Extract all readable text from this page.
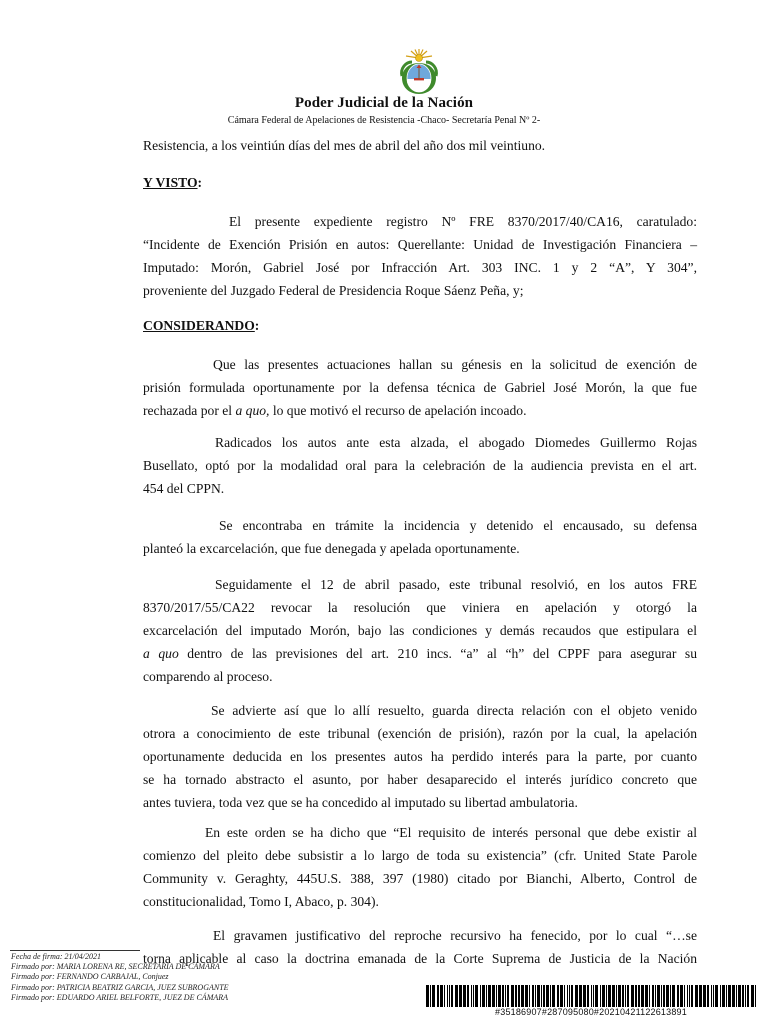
Poder Judicial de la Nación
Cámara Federal de Apelaciones de Resistencia -Chaco- Secretaría Penal Nº 2-
Resistencia, a los veintiún días del mes de abril del año dos mil veintiuno.
Y VISTO:
El presente expediente registro Nº FRE 8370/2017/40/CA16, caratulado:
“Incidente de Exención Prisión en autos: Querellante: Unidad de Investigación Financiera –
Imputado: Morón, Gabriel José por Infracción Art. 303 INC. 1 y 2 “A”, Y 304”,
proveniente del Juzgado Federal de Presidencia Roque Sáenz Peña, y;
CONSIDERANDO:
Que las presentes actuaciones hallan su génesis en la solicitud de exención de
prisión formulada oportunamente por la defensa técnica de Gabriel José Morón, la que fue
rechazada por el a quo, lo que motivó el recurso de apelación incoado.
Radicados los autos ante esta alzada, el abogado Diomedes Guillermo Rojas
Busellato, optó por la modalidad oral para la celebración de la audiencia prevista en el art.
454 del CPPN.
Se encontraba en trámite la incidencia y detenido el encausado, su defensa
planteó la excarcelación, que fue denegada y apelada oportunamente.
Seguidamente el 12 de abril pasado, este tribunal resolvió, en los autos FRE
8370/2017/55/CA22 revocar la resolución que viniera en apelación y otorgó la
excarcelación del imputado Morón, bajo las condiciones y demás recaudos que estipulara el
a quo dentro de las previsiones del art. 210 incs. “a” al “h” del CPPF para asegurar su
comparendo al proceso.
Se advierte así que lo allí resuelto, guarda directa relación con el objeto venido
otrora a conocimiento de este tribunal (exención de prisión), razón por la cual, la apelación
oportunamente deducida en los presentes autos ha perdido interés para la parte, por cuanto
se ha tornado abstracto el asunto, por haber desaparecido el interés jurídico concreto que
antes tuviera, toda vez que se ha concedido al imputado su libertad ambulatoria.
En este orden se ha dicho que “El requisito de interés personal que debe existir al
comienzo del pleito debe subsistir a lo largo de toda su existencia” (cfr. United State Parole
Community v. Geraghty, 445U.S. 388, 397 (1980) citado por Bianchi, Alberto, Control de
constitucionalidad, Tomo I, Abaco, p. 304).
El gravamen justificativo del reproche recursivo ha fenecido, por lo cual “…se
torna aplicable al caso la doctrina emanada de la Corte Suprema de Justicia de la Nación
Fecha de firma: 21/04/2021
Firmado por: MARIA LORENA RE, SECRETARIA DE CÁMARA
Firmado por: FERNANDO CARBAJAL, Conjuez
Firmado por: PATRICIA BEATRIZ GARCIA, JUEZ SUBROGANTE
Firmado por: EDUARDO ARIEL BELFORTE, JUEZ DE CÁMARA
#35186907#287095080#20210421122613891
